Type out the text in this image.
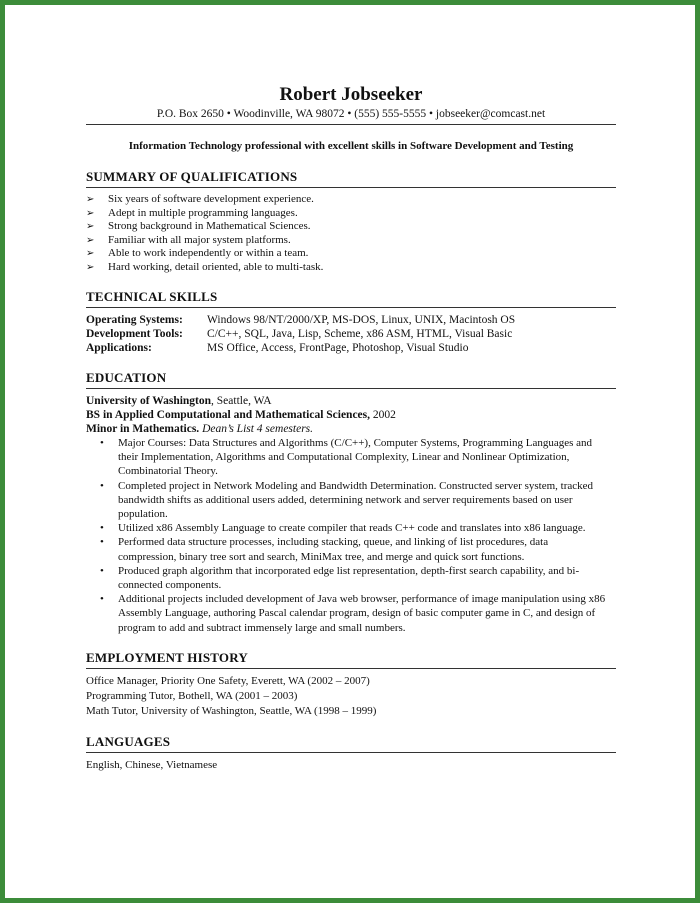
Robert Jobseeker

P.O. Box 2650 • Woodinville, WA 98072 • (555) 555-5555 • jobseeker@comcast.net

Information Technology professional with excellent skills in Software Development and Testing

SUMMARY OF QUALIFICATIONS
➢ Six years of software development experience.
➢ Adept in multiple programming languages.
➢ Strong background in Mathematical Sciences.
➢ Familiar with all major system platforms.
➢ Able to work independently or within a team.
➢ Hard working, detail oriented, able to multi-task.
TECHNICAL SKILLS
Operating Systems:	Windows 98/NT/2000/XP, MS-DOS, Linux, UNIX, Macintosh OS
Development Tools:	C/C++, SQL, Java, Lisp, Scheme, x86 ASM, HTML, Visual Basic
Applications:	MS Office, Access, FrontPage, Photoshop, Visual Studio
EDUCATION

University of Washington, Seattle, WA

BS in Applied Computational and Mathematical Sciences, 2002

Minor in Mathematics. Dean’s List 4 semesters.

• Major Courses: Data Structures and Algorithms (C/C++), Computer Systems, Programming Languages and their Implementation, Algorithms and Computational Complexity, Linear and Nonlinear Optimization, Combinatorial Theory.
• Completed project in Network Modeling and Bandwidth Determination. Constructed server system, tracked bandwidth shifts as additional users added, determining network and server requirements based on user population.
• Utilized x86 Assembly Language to create compiler that reads C++ code and translates into x86 language.
• Performed data structure processes, including stacking, queue, and linking of list procedures, data compression, binary tree sort and search, MiniMax tree, and merge and quick sort functions.
• Produced graph algorithm that incorporated edge list representation, depth-first search capability, and bi-connected components.
• Additional projects included development of Java web browser, performance of image manipulation using x86 Assembly Language, authoring Pascal calendar program, design of basic computer game in C, and design of program to add and subtract immensely large and small numbers.
EMPLOYMENT HISTORY

Office Manager, Priority One Safety, Everett, WA (2002 – 2007)

Programming Tutor, Bothell, WA (2001 – 2003)

Math Tutor, University of Washington, Seattle, WA (1998 – 1999)

LANGUAGES

English, Chinese, Vietnamese
